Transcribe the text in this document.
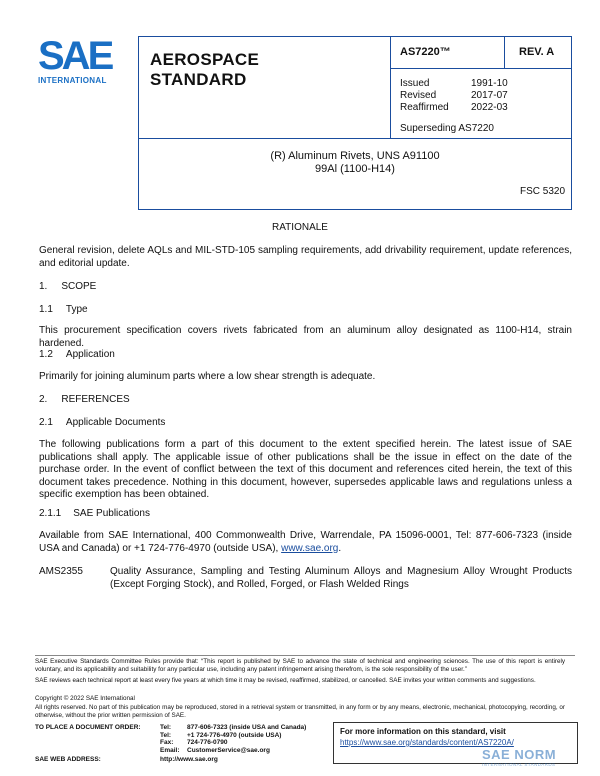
SAE
INTERNATIONAL
AEROSPACE
STANDARD
AS7220™	REV. A
Issued	1991-10
Revised	2017-07
Reaffirmed 2022-03
Superseding AS7220
(R) Aluminum Rivets, UNS A91100
99Al (1100-H14)
FSC 5320
RATIONALE
General revision, delete AQLs and MIL-STD-105 sampling requirements, add drivability requirement, update references, and editorial update.
1. SCOPE
1.1 Type
This procurement specification covers rivets fabricated from an aluminum alloy designated as 1100-H14, strain hardened.
1.2 Application
Primarily for joining aluminum parts where a low shear strength is adequate.
2. REFERENCES
2.1 Applicable Documents
The following publications form a part of this document to the extent specified herein. The latest issue of SAE publications shall apply. The applicable issue of other publications shall be the issue in effect on the date of the purchase order. In the event of conflict between the text of this document and references cited herein, the text of this document takes precedence. Nothing in this document, however, supersedes applicable laws and regulations unless a specific exemption has been obtained.
2.1.1 SAE Publications
Available from SAE International, 400 Commonwealth Drive, Warrendale, PA 15096-0001, Tel: 877-606-7323 (inside USA and Canada) or +1 724-776-4970 (outside USA), www.sae.org.
AMS2355	Quality Assurance, Sampling and Testing Aluminum Alloys and Magnesium Alloy Wrought Products (Except Forging Stock), and Rolled, Forged, or Flash Welded Rings
SAE Executive Standards Committee Rules provide that: “This report is published by SAE to advance the state of technical and engineering sciences. The use of this report is entirely voluntary, and its applicability and suitability for any particular use, including any patent infringement arising therefrom, is the sole responsibility of the user.”
SAE reviews each technical report at least every five years at which time it may be revised, reaffirmed, stabilized, or cancelled. SAE invites your written comments and suggestions.
Copyright © 2022 SAE International
All rights reserved. No part of this publication may be reproduced, stored in a retrieval system or transmitted, in any form or by any means, electronic, mechanical, photocopying, recording, or otherwise, without the prior written permission of SAE.
TO PLACE A DOCUMENT ORDER:	Tel: 877-606-7323 (inside USA and Canada)
Tel: +1 724-776-4970 (outside USA)
Fax: 724-776-0790
Email: CustomerService@sae.org
SAE WEB ADDRESS:	http://www.sae.org
For more information on this standard, visit
https://www.sae.org/standards/content/AS7220A/
SAE NORM
INTERNATIONAL STANDARDS
